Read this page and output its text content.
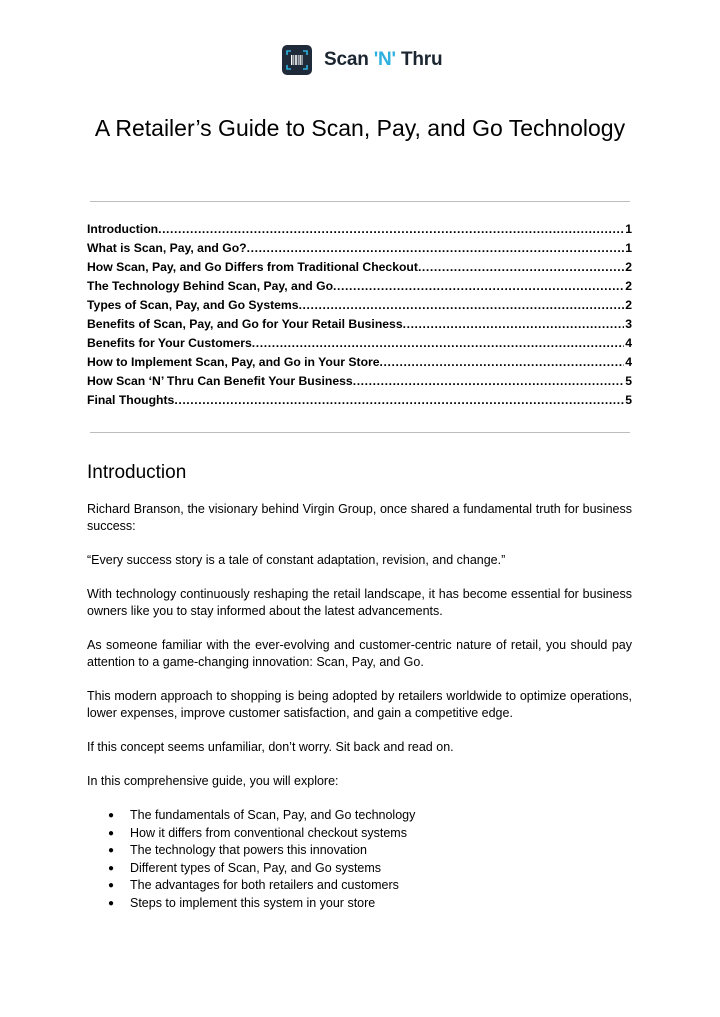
Scan 'N' Thru
A Retailer’s Guide to Scan, Pay, and Go Technology
Introduction .....	1
What is Scan, Pay, and Go? .....	1
How Scan, Pay, and Go Differs from Traditional Checkout .....	2
The Technology Behind Scan, Pay, and Go .....	2
Types of Scan, Pay, and Go Systems .....	2
Benefits of Scan, Pay, and Go for Your Retail Business .....	3
Benefits for Your Customers .....	4
How to Implement Scan, Pay, and Go in Your Store .....	4
How Scan ‘N’ Thru Can Benefit Your Business .....	5
Final Thoughts .....	5
Introduction

Richard Branson, the visionary behind Virgin Group, once shared a fundamental truth for business success:

“Every success story is a tale of constant adaptation, revision, and change.”

With technology continuously reshaping the retail landscape, it has become essential for business owners like you to stay informed about the latest advancements.

As someone familiar with the ever-evolving and customer-centric nature of retail, you should pay attention to a game-changing innovation: Scan, Pay, and Go.

This modern approach to shopping is being adopted by retailers worldwide to optimize operations, lower expenses, improve customer satisfaction, and gain a competitive edge.

If this concept seems unfamiliar, don’t worry. Sit back and read on.

In this comprehensive guide, you will explore:

● The fundamentals of Scan, Pay, and Go technology
● How it differs from conventional checkout systems
● The technology that powers this innovation
● Different types of Scan, Pay, and Go systems
● The advantages for both retailers and customers
● Steps to implement this system in your store
